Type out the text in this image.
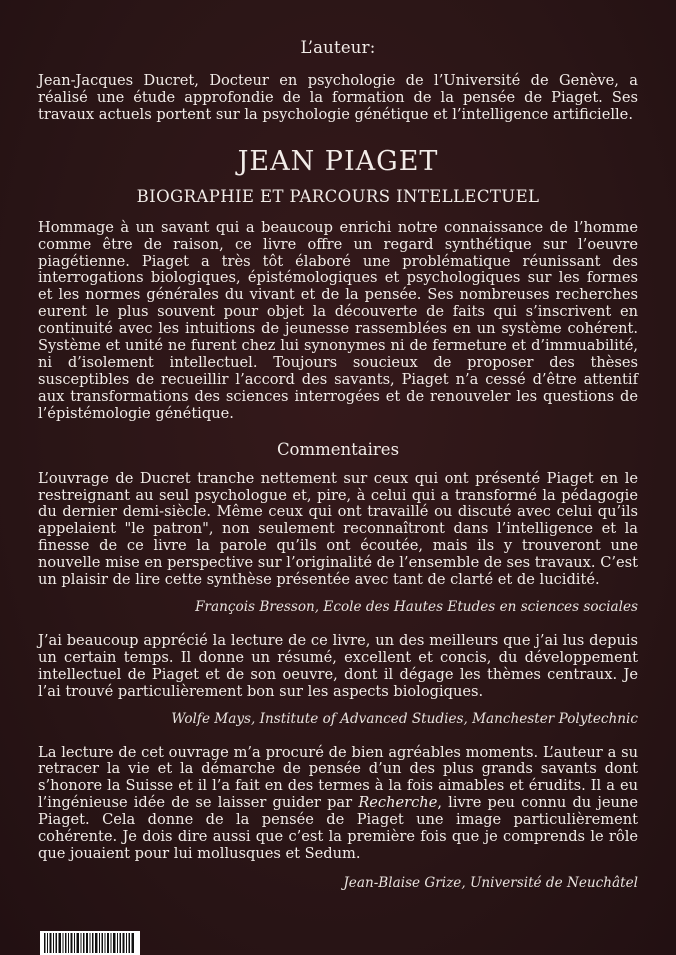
L’auteur:

Jean-Jacques Ducret, Docteur en psychologie de l’Université de Genève, a réalisé une étude approfondie de la formation de la pensée de Piaget. Ses travaux actuels portent sur la psychologie génétique et l’intelligence artificielle.

JEAN PIAGET
BIOGRAPHIE ET PARCOURS INTELLECTUEL

Hommage à un savant qui a beaucoup enrichi notre connaissance de l’homme comme être de raison, ce livre offre un regard synthétique sur l’oeuvre piagétienne. Piaget a très tôt élaboré une problématique réunissant des interrogations biologiques, épistémologiques et psychologiques sur les formes et les normes générales du vivant et de la pensée. Ses nombreuses recherches eurent le plus souvent pour objet la découverte de faits qui s’inscrivent en continuité avec les intuitions de jeunesse rassemblées en un système cohérent. Système et unité ne furent chez lui synonymes ni de fermeture et d’immuabilité, ni d’isolement intellectuel. Toujours soucieux de proposer des thèses susceptibles de recueillir l’accord des savants, Piaget n’a cessé d’être attentif aux transformations des sciences interrogées et de renouveler les questions de l’épistémologie génétique.

Commentaires

L’ouvrage de Ducret tranche nettement sur ceux qui ont présenté Piaget en le restreignant au seul psychologue et, pire, à celui qui a transformé la pédagogie du dernier demi-siècle. Même ceux qui ont travaillé ou discuté avec celui qu’ils appelaient "le patron", non seulement reconnaîtront dans l’intelligence et la finesse de ce livre la parole qu’ils ont écoutée, mais ils y trouveront une nouvelle mise en perspective sur l’originalité de l’ensemble de ses travaux. C’est un plaisir de lire cette synthèse présentée avec tant de clarté et de lucidité.

François Bresson, Ecole des Hautes Etudes en sciences sociales

J’ai beaucoup apprécié la lecture de ce livre, un des meilleurs que j’ai lus depuis un certain temps. Il donne un résumé, excellent et concis, du développement intellectuel de Piaget et de son oeuvre, dont il dégage les thèmes centraux. Je l’ai trouvé particulièrement bon sur les aspects biologiques.

Wolfe Mays, Institute of Advanced Studies, Manchester Polytechnic

La lecture de cet ouvrage m’a procuré de bien agréables moments. L’auteur a su retracer la vie et la démarche de pensée d’un des plus grands savants dont s’honore la Suisse et il l’a fait en des termes à la fois aimables et érudits. Il a eu l’ingénieuse idée de se laisser guider par Recherche, livre peu connu du jeune Piaget. Cela donne de la pensée de Piaget une image particulièrement cohérente. Je dois dire aussi que c’est la première fois que je comprends le rôle que jouaient pour lui mollusques et Sedum.

Jean-Blaise Grize, Université de Neuchâtel
